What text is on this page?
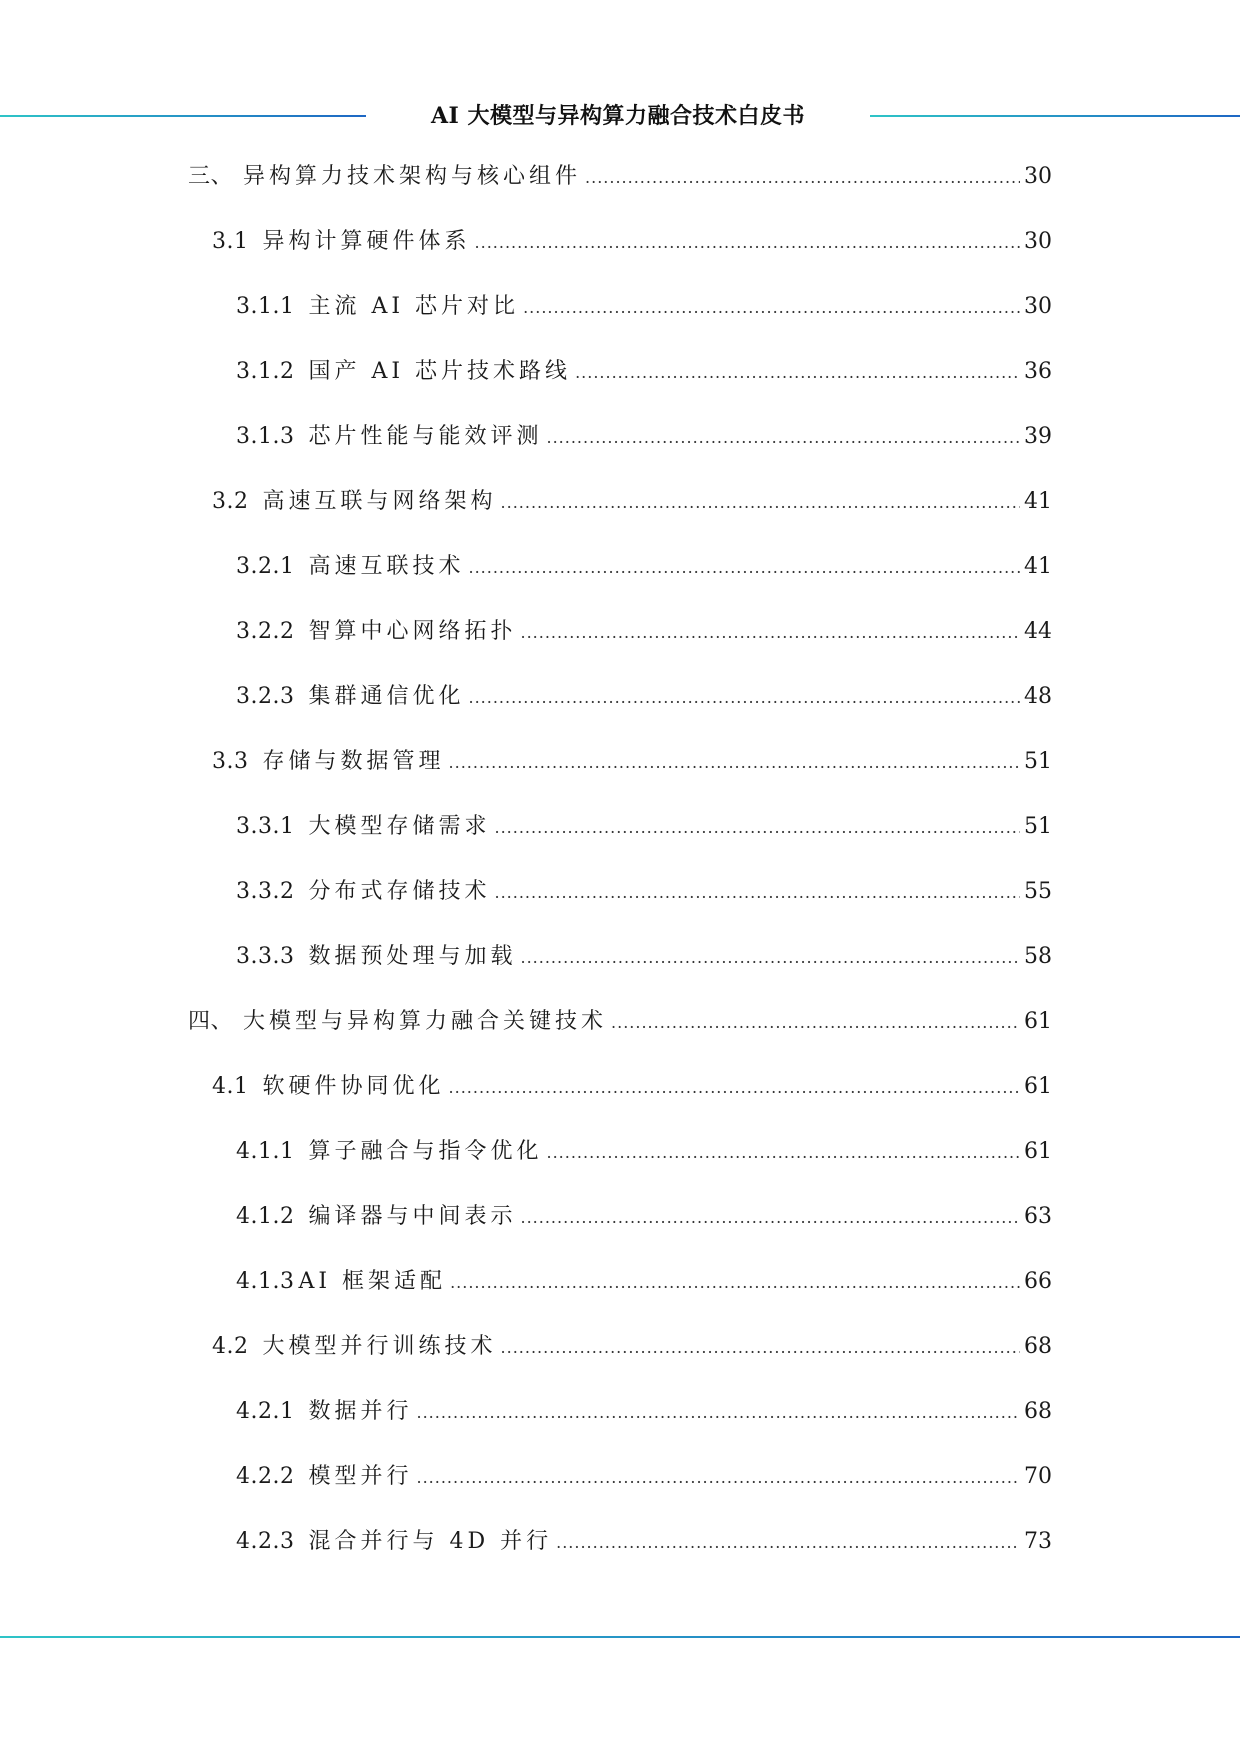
AI 大模型与异构算力融合技术白皮书
三、 异构算力技术架构与核心组件 .....	30
3.1 异构计算硬件体系 .....	30
3.1.1 主流 AI 芯片对比 .....	30
3.1.2 国产 AI 芯片技术路线 .....	36
3.1.3 芯片性能与能效评测 .....	39
3.2 高速互联与网络架构 .....	41
3.2.1 高速互联技术 .....	41
3.2.2 智算中心网络拓扑 .....	44
3.2.3 集群通信优化 .....	48
3.3 存储与数据管理 .....	51
3.3.1 大模型存储需求 .....	51
3.3.2 分布式存储技术 .....	55
3.3.3 数据预处理与加载 .....	58
四、 大模型与异构算力融合关键技术 .....	61
4.1 软硬件协同优化 .....	61
4.1.1 算子融合与指令优化 .....	61
4.1.2 编译器与中间表示 .....	63
4.1.3 AI 框架适配 .....	66
4.2 大模型并行训练技术 .....	68
4.2.1 数据并行 .....	68
4.2.2 模型并行 .....	70
4.2.3 混合并行与 4D 并行 .....	73
